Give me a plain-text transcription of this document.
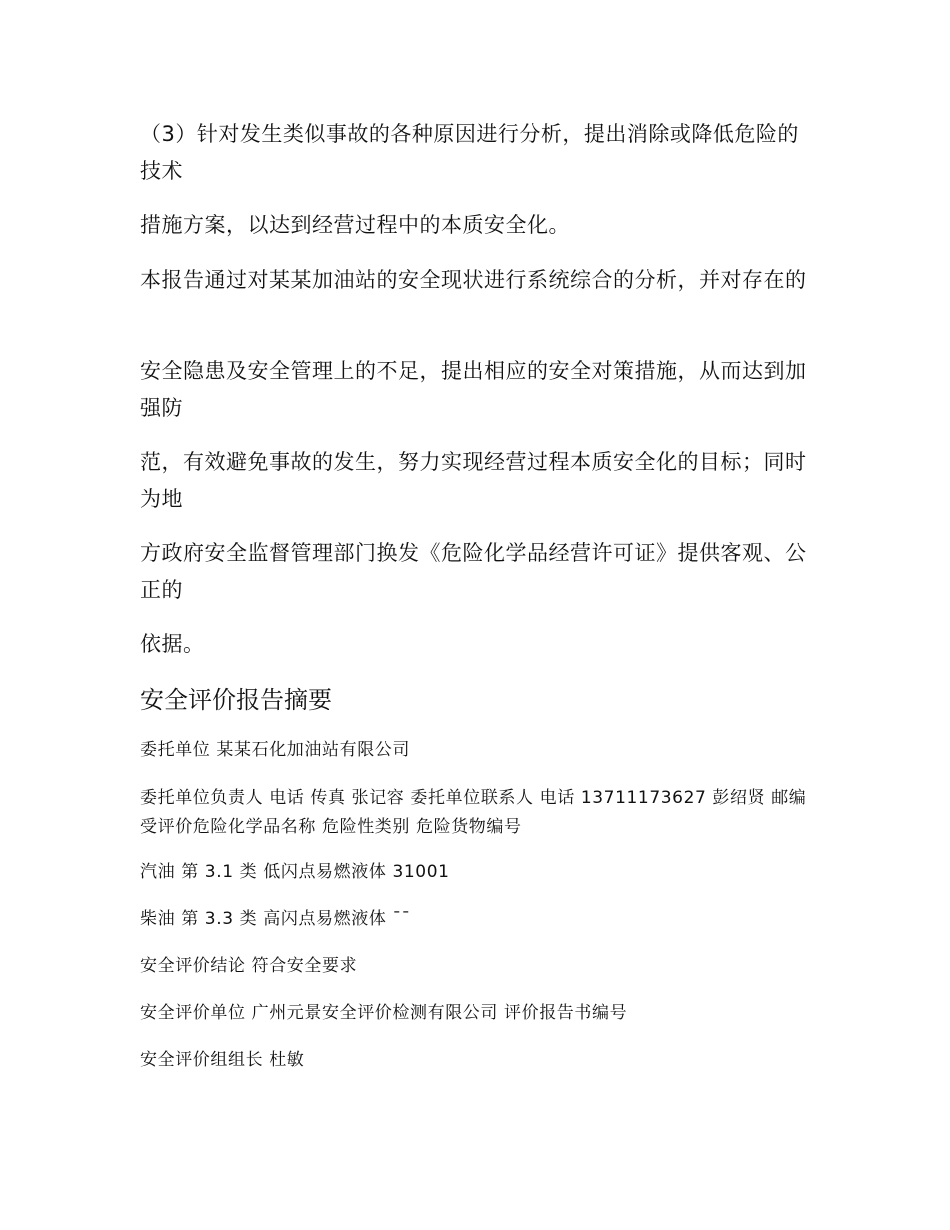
（3）针对发生类似事故的各种原因进行分析，提出消除或降低危险的技术

措施方案，以达到经营过程中的本质安全化。

本报告通过对某某加油站的安全现状进行系统综合的分析，并对存在的

安全隐患及安全管理上的不足，提出相应的安全对策措施，从而达到加强防

范，有效避免事故的发生，努力实现经营过程本质安全化的目标；同时为地

方政府安全监督管理部门换发《危险化学品经营许可证》提供客观、公正的

依据。

安全评价报告摘要

委托单位 某某石化加油站有限公司

委托单位负责人 电话 传真 张记容 委托单位联系人 电话 13711173627 彭绍贤 邮编 受评价危险化学品名称 危险性类别 危险货物编号

汽油 第 3.1 类 低闪点易燃液体 31001

柴油 第 3.3 类 高闪点易燃液体 ¯¯

安全评价结论 符合安全要求

安全评价单位 广州元景安全评价检测有限公司 评价报告书编号

安全评价组组长 杜敏
